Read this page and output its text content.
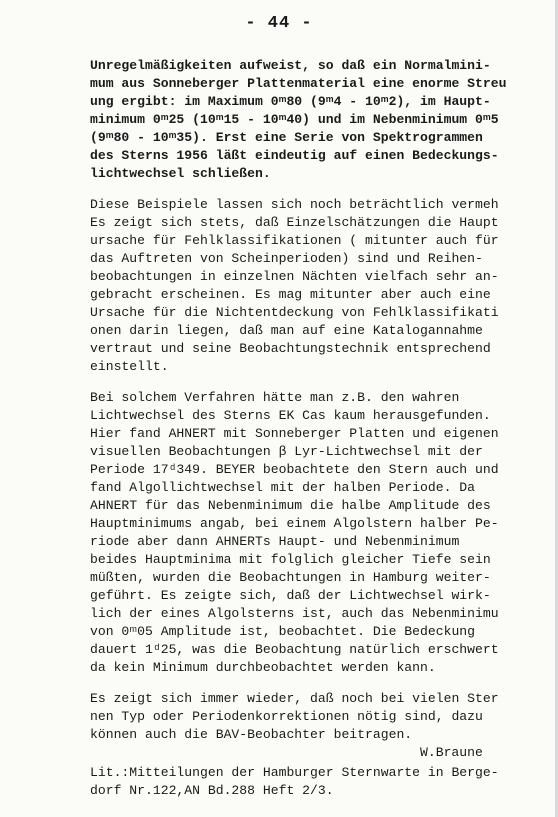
- 44 -
Unregelmäßigkeiten aufweist, so daß ein Normalmini-
mum aus Sonneberger Plattenmaterial eine enorme Streu
ung ergibt: im Maximum 0ᵐ80 (9ᵐ4 - 10ᵐ2), im Haupt-
minimum 0ᵐ25 (10ᵐ15 - 10ᵐ40) und im Nebenminimum 0ᵐ5
(9ᵐ80 - 10ᵐ35). Erst eine Serie von Spektrogrammen
des Sterns 1956 läßt eindeutig auf einen Bedeckungs-
lichtwechsel schließen.
Diese Beispiele lassen sich noch beträchtlich vermeh
Es zeigt sich stets, daß Einzelschätzungen die Haupt
ursache für Fehlklassifikationen ( mitunter auch für
das Auftreten von Scheinperioden) sind und Reihen-
beobachtungen in einzelnen Nächten vielfach sehr an-
gebracht erscheinen. Es mag mitunter aber auch eine
Ursache für die Nichtentdeckung von Fehlklassifikati
onen darin liegen, daß man auf eine Katalogannahme
vertraut und seine Beobachtungstechnik entsprechend
einstellt.
Bei solchem Verfahren hätte man z.B. den wahren
Lichtwechsel des Sterns EK Cas kaum herausgefunden.
Hier fand AHNERT mit Sonneberger Platten und eigenen
visuellen Beobachtungen β Lyr-Lichtwechsel mit der
Periode 17ᵈ349. BEYER beobachtete den Stern auch und
fand Algollichtwechsel mit der halben Periode. Da
AHNERT für das Nebenminimum die halbe Amplitude des
Hauptminimums angab, bei einem Algolstern halber Pe-
riode aber dann AHNERTs Haupt- und Nebenminimum
beides Hauptminima mit folglich gleicher Tiefe sein
müßten, wurden die Beobachtungen in Hamburg weiter-
geführt. Es zeigte sich, daß der Lichtwechsel wirk-
lich der eines Algolsterns ist, auch das Nebenminimu
von 0ᵐ05 Amplitude ist, beobachtet. Die Bedeckung
dauert 1ᵈ25, was die Beobachtung natürlich erschwert
da kein Minimum durchbeobachtet werden kann.
Es zeigt sich immer wieder, daß noch bei vielen Ster
nen Typ oder Periodenkorrektionen nötig sind, dazu
können auch die BAV-Beobachter beitragen.
W.Braune
Lit.:Mitteilungen der Hamburger Sternwarte in Berge-
dorf Nr.122,AN Bd.288 Heft 2/3.
